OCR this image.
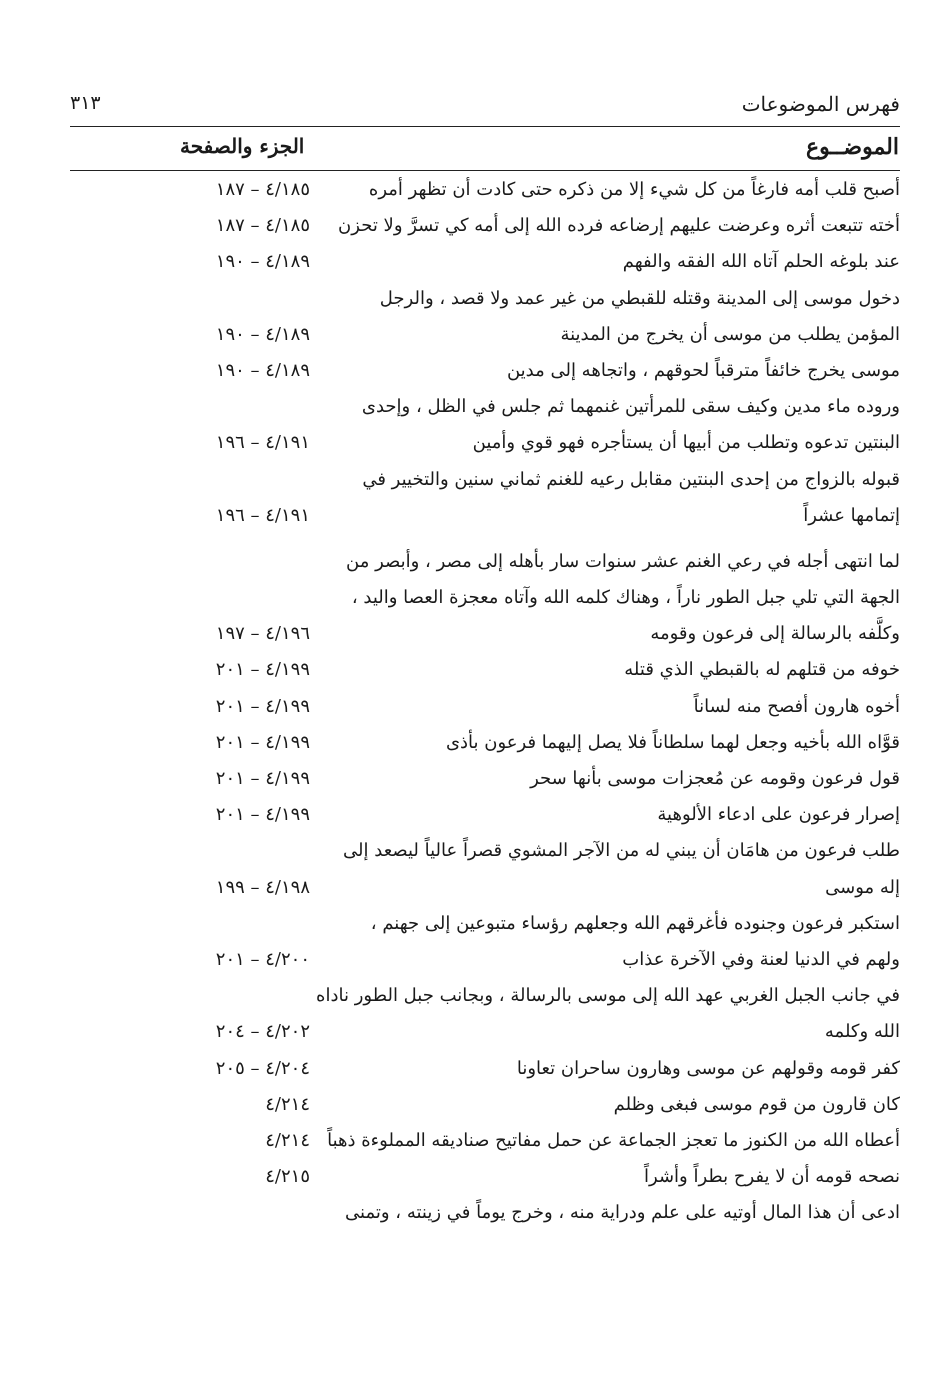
٣١٣	فهرس الموضوعات
الموضــوع
الجزء والصفحة
أصبح قلب أمه فارغاً من كل شيء إلا من ذكره حتى كادت أن تظهر أمره
٤/١٨٥ – ١٨٧
أخته تتبعت أثره وعرضت عليهم إرضاعه فرده الله إلى أمه كي تسرَّ ولا تحزن
٤/١٨٥ – ١٨٧
عند بلوغه الحلم آتاه الله الفقه والفهم
٤/١٨٩ – ١٩٠
دخول موسى إلى المدينة وقتله للقبطي من غير عمد ولا قصد ، والرجل
المؤمن يطلب من موسى أن يخرج من المدينة
٤/١٨٩ – ١٩٠
موسى يخرج خائفاً مترقباً لحوقهم ، واتجاهه إلى مدين
٤/١٨٩ – ١٩٠
وروده ماء مدين وكيف سقى للمرأتين غنمهما ثم جلس في الظل ، وإحدى
البنتين تدعوه وتطلب من أبيها أن يستأجره فهو قوي وأمين
٤/١٩١ – ١٩٦
قبوله بالزواج من إحدى البنتين مقابل رعيه للغنم ثماني سنين والتخيير في
إتمامها عشراً
٤/١٩١ – ١٩٦
لما انتهى أجله في رعي الغنم عشر سنوات سار بأهله إلى مصر ، وأبصر من
الجهة التي تلي جبل الطور ناراً ، وهناك كلمه الله وآتاه معجزة العصا واليد ،
وكلَّفه بالرسالة إلى فرعون وقومه
٤/١٩٦ – ١٩٧
خوفه من قتلهم له بالقبطي الذي قتله
٤/١٩٩ – ٢٠١
أخوه هارون أفصح منه لساناً
٤/١٩٩ – ٢٠١
قوَّاه الله بأخيه وجعل لهما سلطاناً فلا يصل إليهما فرعون بأذى
٤/١٩٩ – ٢٠١
قول فرعون وقومه عن مُعجزات موسى بأنها سحر
٤/١٩٩ – ٢٠١
إصرار فرعون على ادعاء الألوهية
٤/١٩٩ – ٢٠١
طلب فرعون من هامَان أن يبني له من الآجر المشوي قصراً عالياً ليصعد إلى
إله موسى
٤/١٩٨ – ١٩٩
استكبر فرعون وجنوده فأغرقهم الله وجعلهم رؤساء متبوعين إلى جهنم ،
ولهم في الدنيا لعنة وفي الآخرة عذاب
٤/٢٠٠ – ٢٠١
في جانب الجبل الغربي عهد الله إلى موسى بالرسالة ، وبجانب جبل الطور ناداه
الله وكلمه
٤/٢٠٢ – ٢٠٤
كفر قومه وقولهم عن موسى وهارون ساحران تعاونا
٤/٢٠٤ – ٢٠٥
كان قارون من قوم موسى فبغى وظلم
٤/٢١٤
أعطاه الله من الكنوز ما تعجز الجماعة عن حمل مفاتيح صناديقه المملوءة ذهباً
٤/٢١٤
نصحه قومه أن لا يفرح بطراً وأشراً
٤/٢١٥
ادعى أن هذا المال أوتيه على علم ودراية منه ، وخرج يوماً في زينته ، وتمنى
